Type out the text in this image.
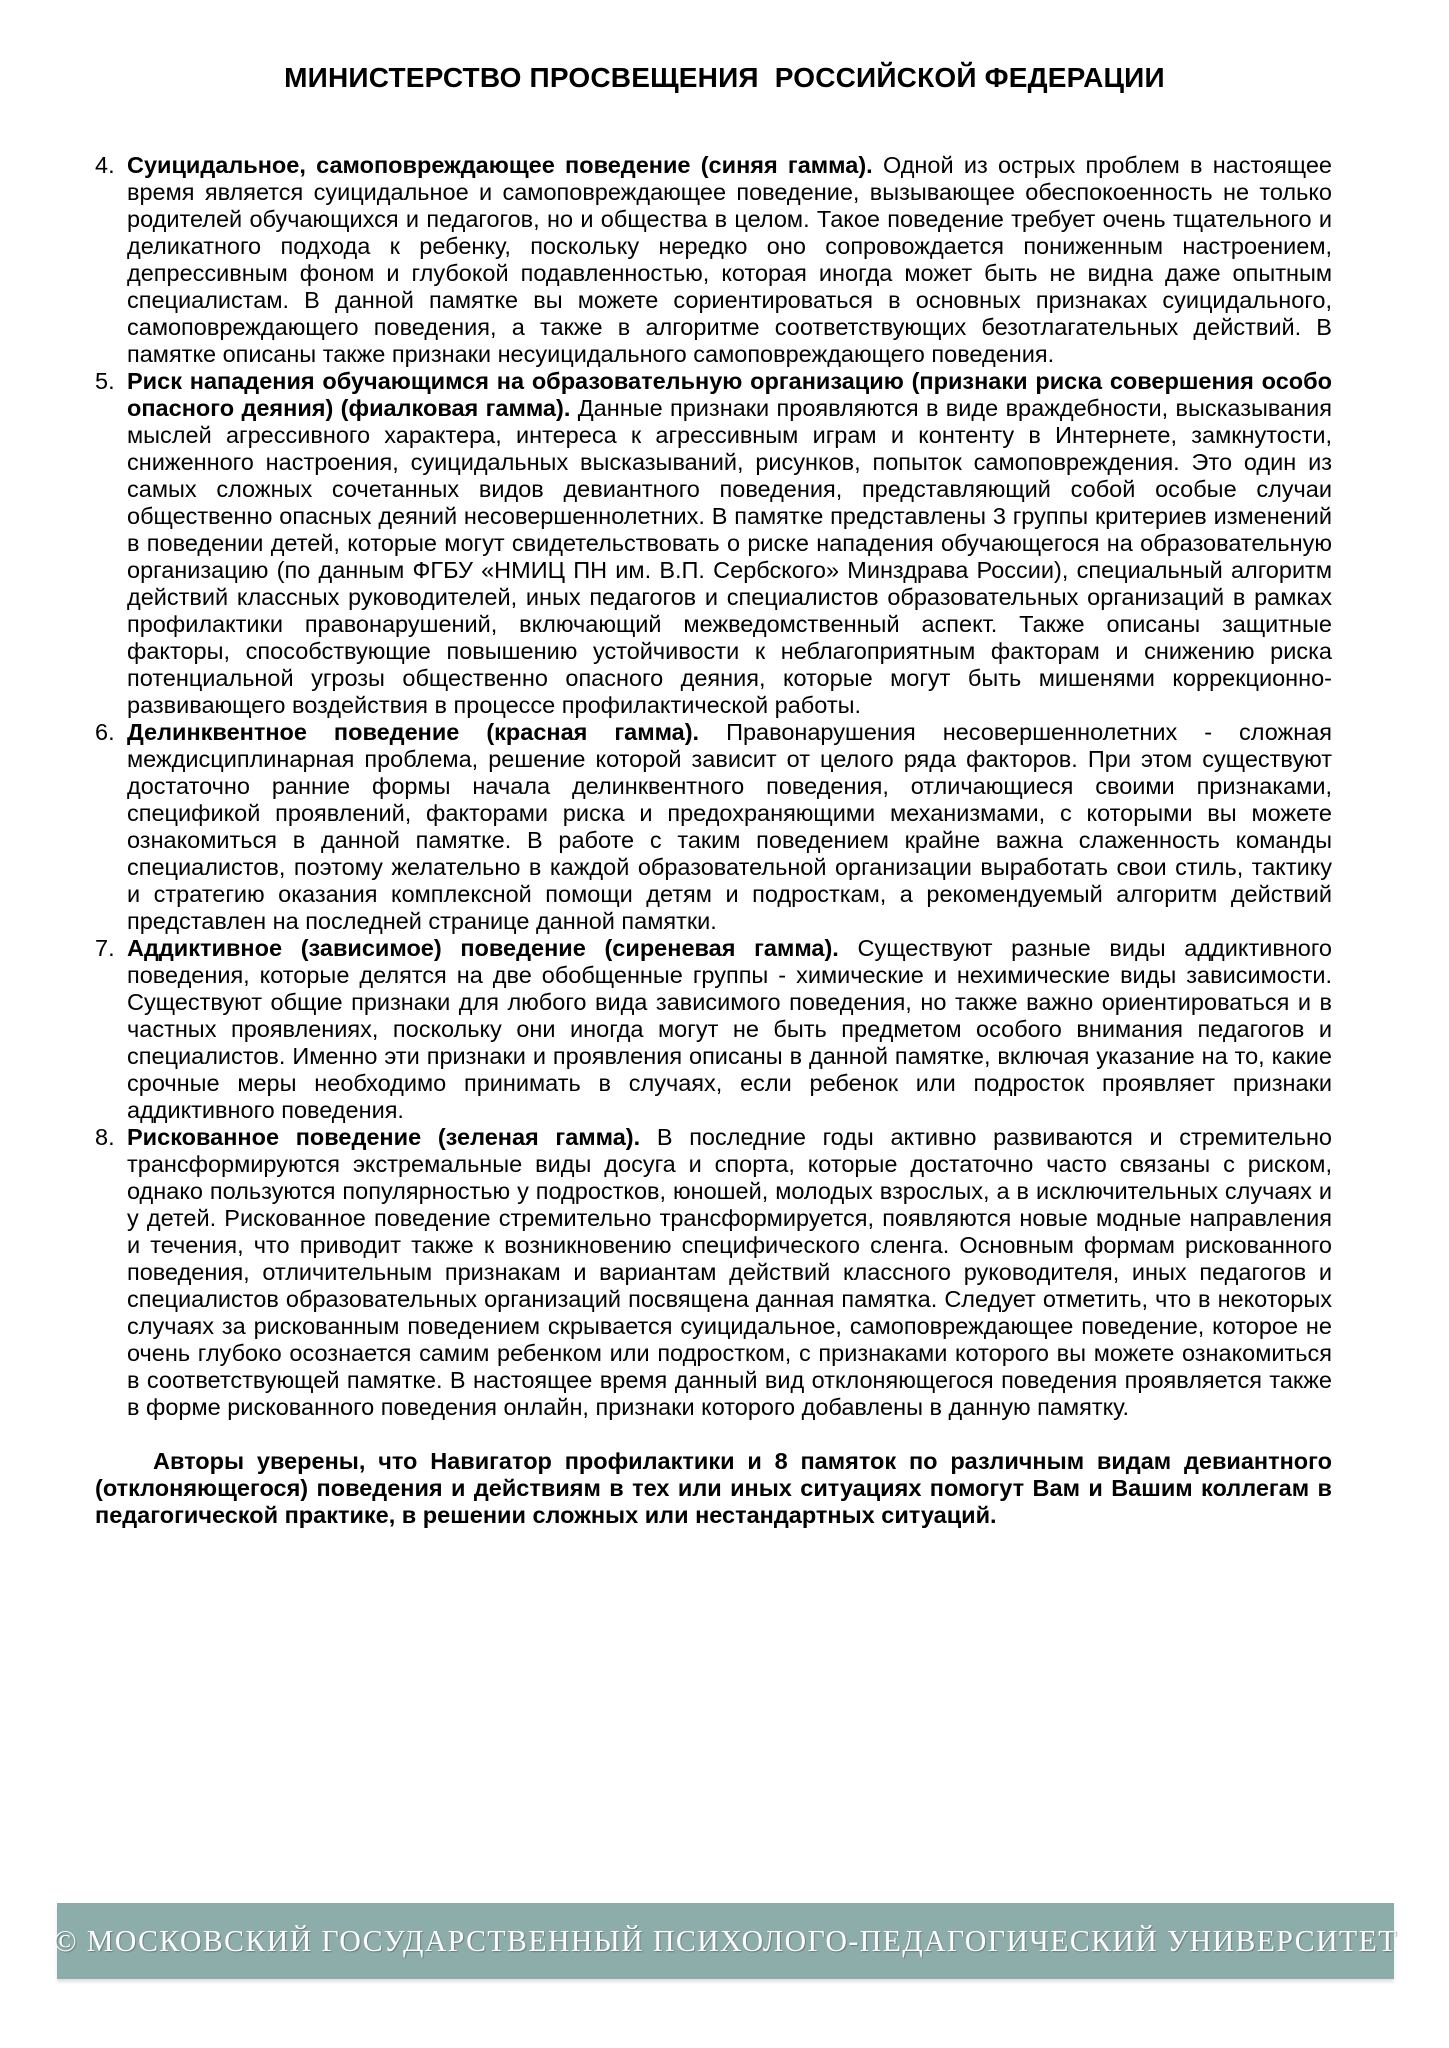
МИНИСТЕРСТВО ПРОСВЕЩЕНИЯ  РОССИЙСКОЙ ФЕДЕРАЦИИ
4. Суицидальное, самоповреждающее поведение (синяя гамма). Одной из острых проблем в настоящее время является суицидальное и самоповреждающее поведение, вызывающее обеспокоенность не только родителей обучающихся и педагогов, но и общества в целом. Такое поведение требует очень тщательного и деликатного подхода к ребенку, поскольку нередко оно сопровождается пониженным настроением, депрессивным фоном и глубокой подавленностью, которая иногда может быть не видна даже опытным специалистам. В данной памятке вы можете сориентироваться в основных признаках суицидального, самоповреждающего поведения, а также в алгоритме соответствующих безотлагательных действий. В памятке описаны также признаки несуицидального самоповреждающего поведения.

5. Риск нападения обучающимся на образовательную организацию (признаки риска совершения особо опасного деяния) (фиалковая гамма). Данные признаки проявляются в виде враждебности, высказывания мыслей агрессивного характера, интереса к агрессивным играм и контенту в Интернете, замкнутости, сниженного настроения, суицидальных высказываний, рисунков, попыток самоповреждения. Это один из самых сложных сочетанных видов девиантного поведения, представляющий собой особые случаи общественно опасных деяний несовершеннолетних. В памятке представлены 3 группы критериев изменений в поведении детей, которые могут свидетельствовать о риске нападения обучающегося на образовательную организацию (по данным ФГБУ «НМИЦ ПН им. В.П. Сербского» Минздрава России), специальный алгоритм действий классных руководителей, иных педагогов и специалистов образовательных организаций в рамках профилактики правонарушений, включающий межведомственный аспект. Также описаны защитные факторы, способствующие повышению устойчивости к неблагоприятным факторам и снижению риска потенциальной угрозы общественно опасного деяния, которые могут быть мишенями коррекционно-развивающего воздействия в процессе профилактической работы.

6. Делинквентное поведение (красная гамма). Правонарушения несовершеннолетних - сложная междисциплинарная проблема, решение которой зависит от целого ряда факторов. При этом существуют достаточно ранние формы начала делинквентного поведения, отличающиеся своими признаками, спецификой проявлений, факторами риска и предохраняющими механизмами, с которыми вы можете ознакомиться в данной памятке. В работе с таким поведением крайне важна слаженность команды специалистов, поэтому желательно в каждой образовательной организации выработать свои стиль, тактику и стратегию оказания комплексной помощи детям и подросткам, а рекомендуемый алгоритм действий представлен на последней странице данной памятки.

7. Аддиктивное (зависимое) поведение (сиреневая гамма). Существуют разные виды аддиктивного поведения, которые делятся на две обобщенные группы - химические и нехимические виды зависимости. Существуют общие признаки для любого вида зависимого поведения, но также важно ориентироваться и в частных проявлениях, поскольку они иногда могут не быть предметом особого внимания педагогов и специалистов. Именно эти признаки и проявления описаны в данной памятке, включая указание на то, какие срочные меры необходимо принимать в случаях, если ребенок или подросток проявляет признаки аддиктивного поведения.

8. Рискованное поведение (зеленая гамма). В последние годы активно развиваются и стремительно трансформируются экстремальные виды досуга и спорта, которые достаточно часто связаны с риском, однако пользуются популярностью у подростков, юношей, молодых взрослых, а в исключительных случаях и у детей. Рискованное поведение стремительно трансформируется, появляются новые модные направления и течения, что приводит также к возникновению специфического сленга. Основным формам рискованного поведения, отличительным признакам и вариантам действий классного руководителя, иных педагогов и специалистов образовательных организаций посвящена данная памятка. Следует отметить, что в некоторых случаях за рискованным поведением скрывается суицидальное, самоповреждающее поведение, которое не очень глубоко осознается самим ребенком или подростком, с признаками которого вы можете ознакомиться в соответствующей памятке. В настоящее время данный вид отклоняющегося поведения проявляется также в форме рискованного поведения онлайн, признаки которого добавлены в данную памятку.

Авторы уверены, что Навигатор профилактики и 8 памяток по различным видам девиантного (отклоняющегося) поведения и действиям в тех или иных ситуациях помогут Вам и Вашим коллегам в педагогической практике, в решении сложных или нестандартных ситуаций.

© МОСКОВСКИЙ ГОСУДАРСТВЕННЫЙ ПСИХОЛОГО-ПЕДАГОГИЧЕСКИЙ УНИВЕРСИТЕТ
